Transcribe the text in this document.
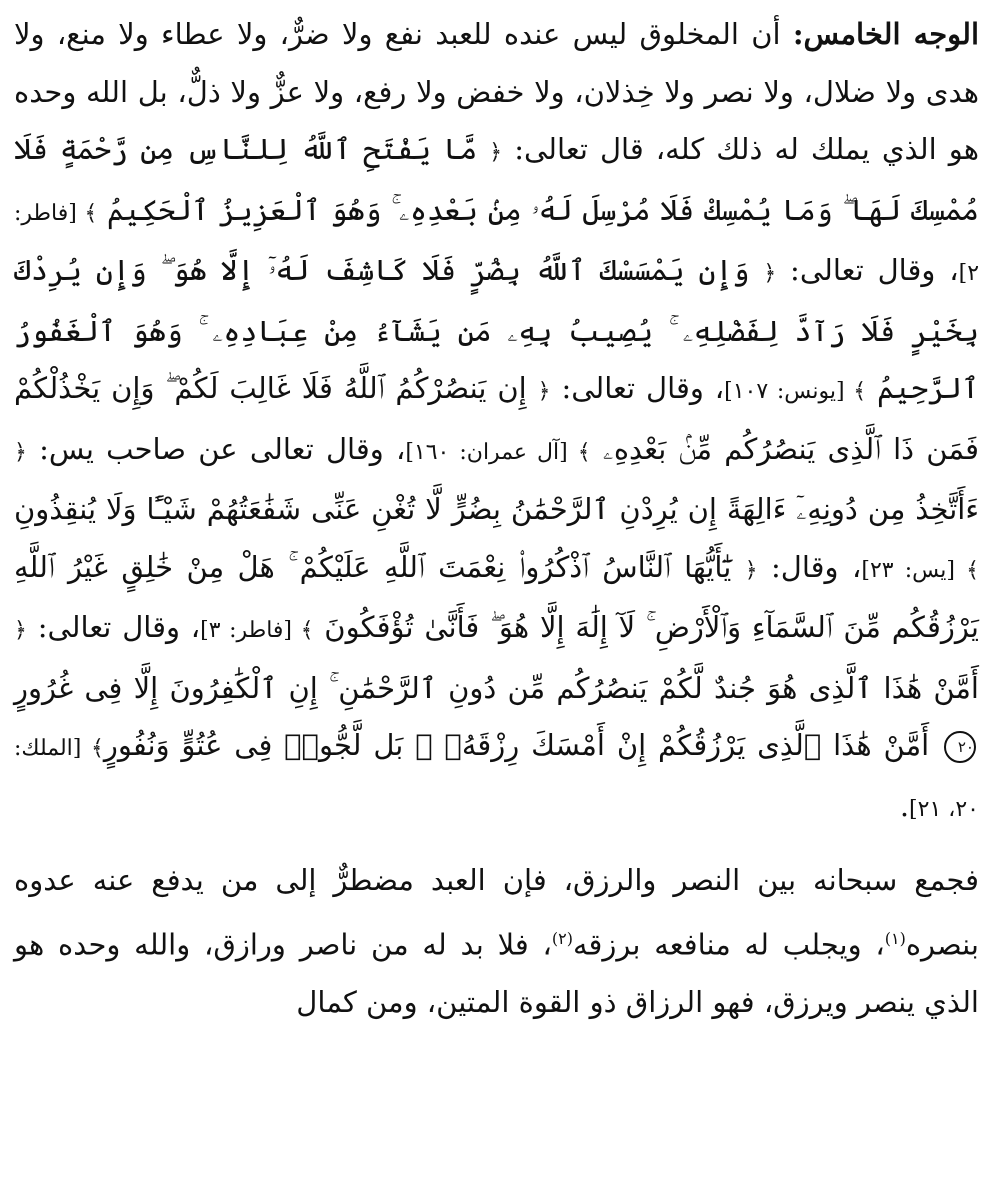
الوجه الخامس: أن المخلوق ليس عنده للعبد نفع ولا ضرٌّ، ولا عطاء ولا منع، ولا هدى ولا ضلال، ولا نصر ولا خِذلان، ولا خفض ولا رفع، ولا عزٌّ ولا ذلٌّ، بل الله وحده هو الذي يملك له ذلك كله، قال تعالى: ﴿ مَّا يَفْتَحِ ٱللَّهُ لِلنَّاسِ مِن رَّحْمَةٍ فَلَا مُمْسِكَ لَهَا ۖ وَمَا يُمْسِكْ فَلَا مُرْسِلَ لَهُۥ مِنۢ بَعْدِهِۦ ۚ وَهُوَ ٱلْعَزِيزُ ٱلْحَكِيمُ ﴾ [فاطر: ٢]، وقال تعالى: ﴿ وَإِن يَمْسَسْكَ ٱللَّهُ بِضُرٍّ فَلَا كَاشِفَ لَهُۥٓ إِلَّا هُوَ ۖ وَإِن يُرِدْكَ بِخَيْرٍ فَلَا رَآدَّ لِفَضْلِهِۦ ۚ يُصِيبُ بِهِۦ مَن يَشَآءُ مِنْ عِبَادِهِۦ ۚ وَهُوَ ٱلْغَفُورُ ٱلرَّحِيمُ ﴾ [يونس: ١٠٧]، وقال تعالى: ﴿ إِن يَنصُرْكُمُ ٱللَّهُ فَلَا غَالِبَ لَكُمْ ۖ وَإِن يَخْذُلْكُمْ فَمَن ذَا ٱلَّذِى يَنصُرُكُم مِّنۢ بَعْدِهِۦ ﴾ [آل عمران: ١٦٠]، وقال تعالى عن صاحب يس: ﴿ ءَأَتَّخِذُ مِن دُونِهِۦٓ ءَالِهَةً إِن يُرِدْنِ ٱلرَّحْمَٰنُ بِضُرٍّ لَّا تُغْنِ عَنِّى شَفَٰعَتُهُمْ شَيْـًٔا وَلَا يُنقِذُونِ ﴾ [يس: ٢٣]، وقال: ﴿ يَٰٓأَيُّهَا ٱلنَّاسُ ٱذْكُرُوا۟ نِعْمَتَ ٱللَّهِ عَلَيْكُمْ ۚ هَلْ مِنْ خَٰلِقٍ غَيْرُ ٱللَّهِ يَرْزُقُكُم مِّنَ ٱلسَّمَآءِ وَٱلْأَرْضِ ۚ لَآ إِلَٰهَ إِلَّا هُوَ ۖ فَأَنَّىٰ تُؤْفَكُونَ ﴾ [فاطر: ٣]، وقال تعالى: ﴿ أَمَّنْ هَٰذَا ٱلَّذِى هُوَ جُندٌ لَّكُمْ يَنصُرُكُم مِّن دُونِ ٱلرَّحْمَٰنِ ۚ إِنِ ٱلْكَٰفِرُونَ إِلَّا فِى غُرُورٍ ٢٠ أَمَّنْ هَٰذَا ٱلَّذِى يَرْزُقُكُمْ إِنْ أَمْسَكَ رِزْقَهُۥ ۚ بَل لَّجُّوا۟ فِى عُتُوٍّ وَنُفُورٍ﴾ [الملك: ٢٠، ٢١].

فجمع سبحانه بين النصر والرزق، فإن العبد مضطرٌّ إلى من يدفع عنه عدوه بنصره$^{(١)}$، ويجلب له منافعه برزقه$^{(٢)}$، فلا بد له من ناصر ورازق، والله وحده هو الذي ينصر ويرزق، فهو الرزاق ذو القوة المتين، ومن كمال
